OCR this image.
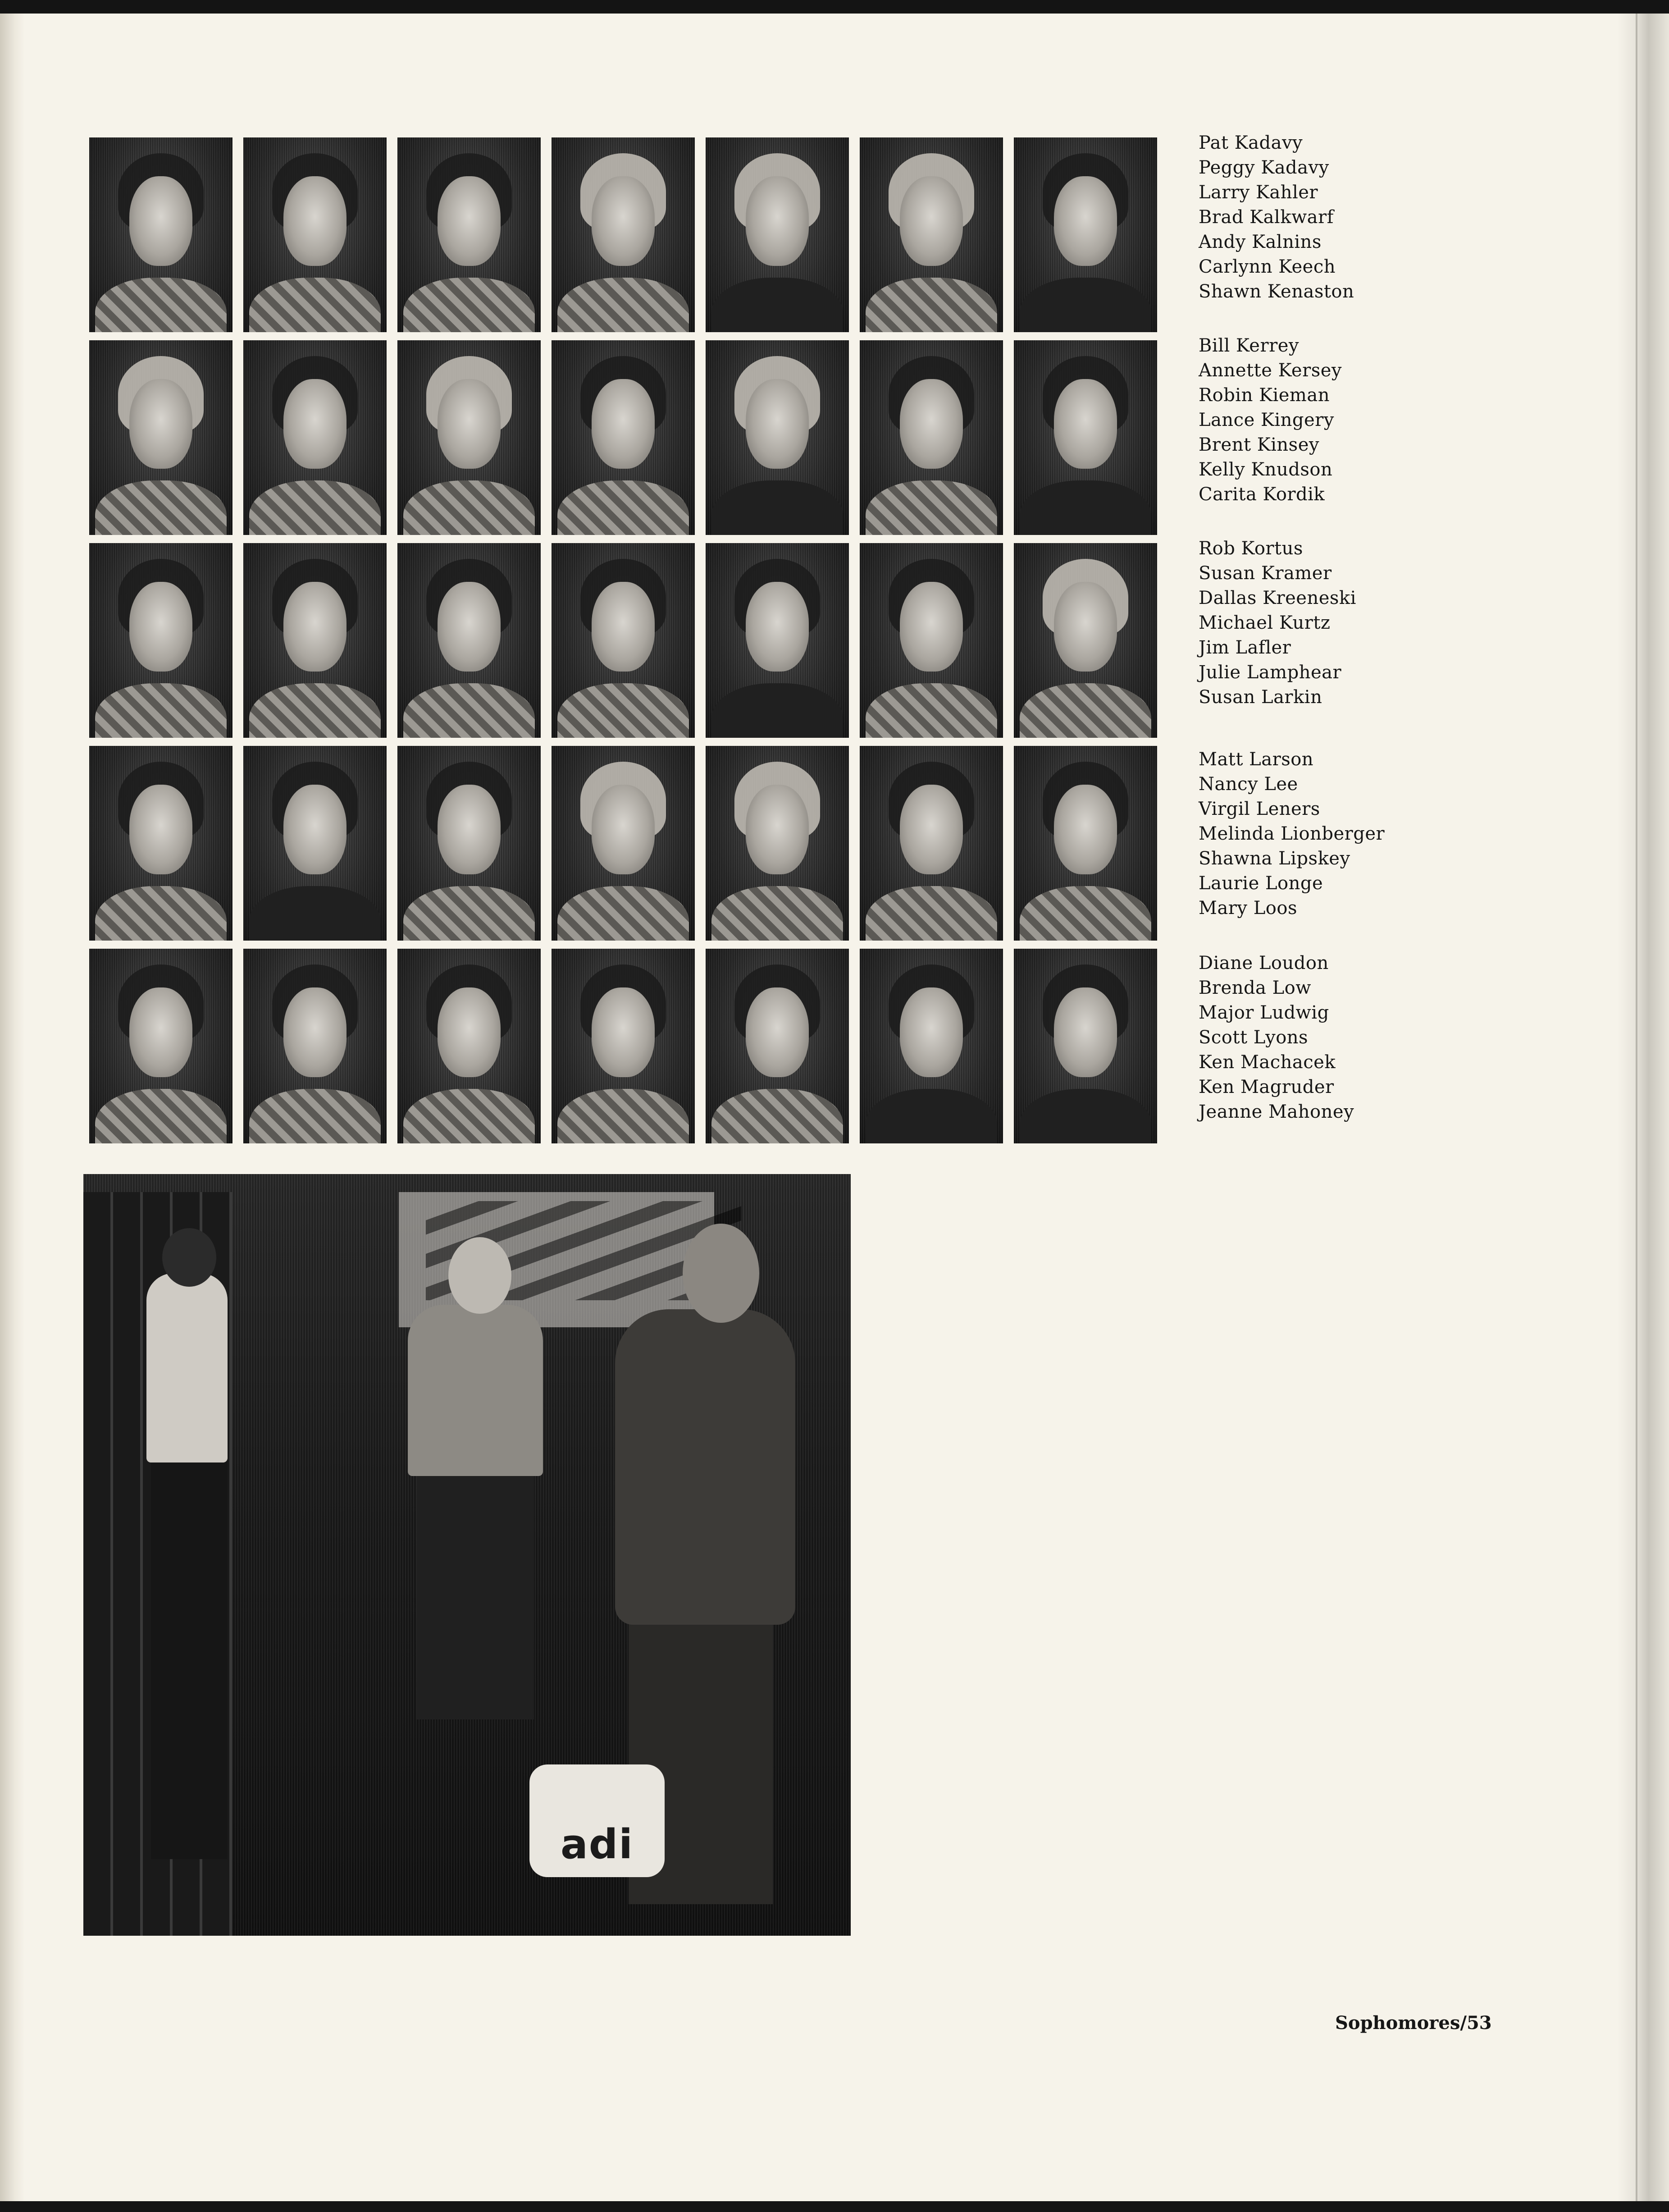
Pat Kadavy
Peggy Kadavy
Larry Kahler
Brad Kalkwarf
Andy Kalnins
Carlynn Keech
Shawn Kenaston
Bill Kerrey
Annette Kersey
Robin Kieman
Lance Kingery
Brent Kinsey
Kelly Knudson
Carita Kordik
Rob Kortus
Susan Kramer
Dallas Kreeneski
Michael Kurtz
Jim Lafler
Julie Lamphear
Susan Larkin
Matt Larson
Nancy Lee
Virgil Leners
Melinda Lionberger
Shawna Lipskey
Laurie Longe
Mary Loos
Diane Loudon
Brenda Low
Major Ludwig
Scott Lyons
Ken Machacek
Ken Magruder
Jeanne Mahoney
adi
Sophomores/53
